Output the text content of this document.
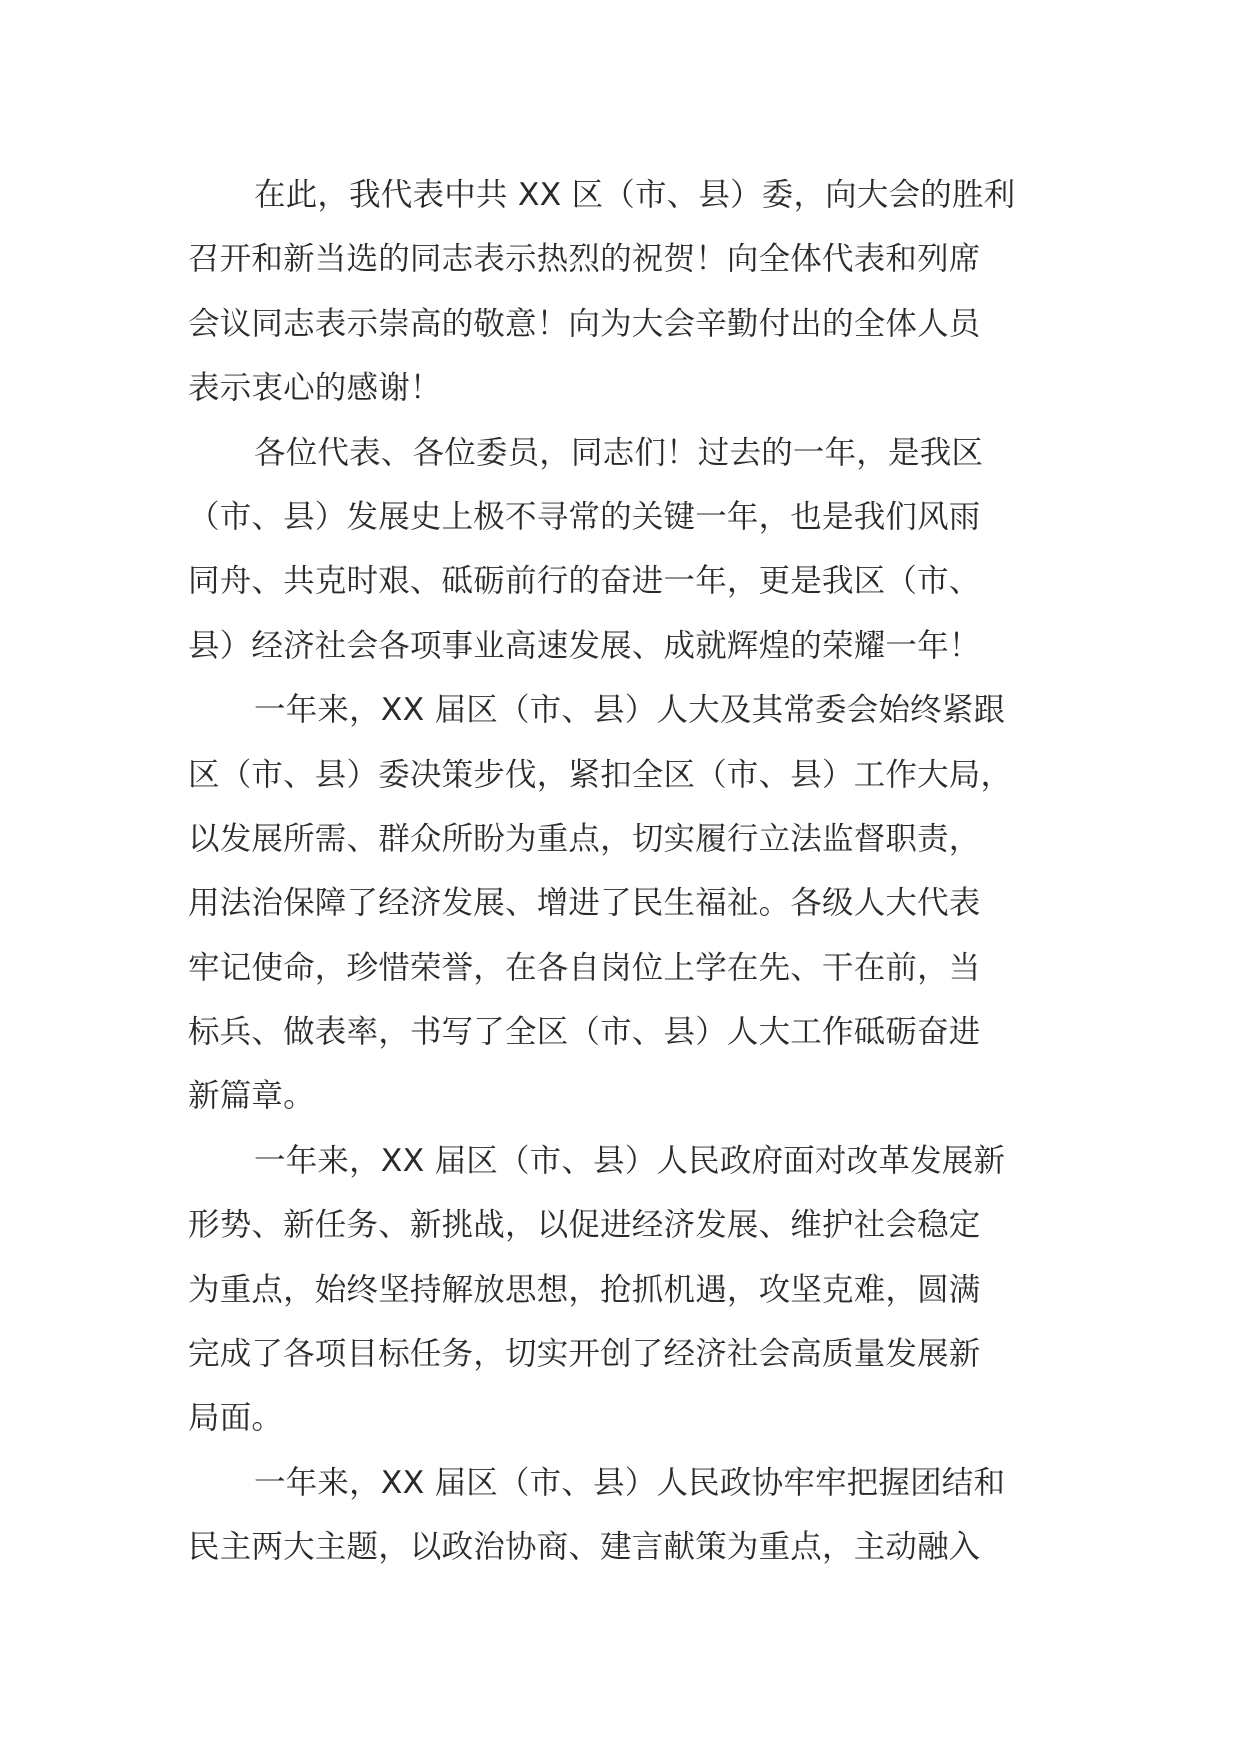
在此，我代表中共 XX 区（市、县）委，向大会的胜利
召开和新当选的同志表示热烈的祝贺！向全体代表和列席
会议同志表示崇高的敬意！向为大会辛勤付出的全体人员
表示衷心的感谢！
各位代表、各位委员，同志们！过去的一年，是我区
（市、县）发展史上极不寻常的关键一年，也是我们风雨
同舟、共克时艰、砥砺前行的奋进一年，更是我区（市、
县）经济社会各项事业高速发展、成就辉煌的荣耀一年！
一年来，XX 届区（市、县）人大及其常委会始终紧跟
区（市、县）委决策步伐，紧扣全区（市、县）工作大局，
以发展所需、群众所盼为重点，切实履行立法监督职责，
用法治保障了经济发展、增进了民生福祉。各级人大代表
牢记使命，珍惜荣誉，在各自岗位上学在先、干在前，当
标兵、做表率，书写了全区（市、县）人大工作砥砺奋进
新篇章。
一年来，XX 届区（市、县）人民政府面对改革发展新
形势、新任务、新挑战，以促进经济发展、维护社会稳定
为重点，始终坚持解放思想，抢抓机遇，攻坚克难，圆满
完成了各项目标任务，切实开创了经济社会高质量发展新
局面。
一年来，XX 届区（市、县）人民政协牢牢把握团结和
民主两大主题，以政治协商、建言献策为重点，主动融入
